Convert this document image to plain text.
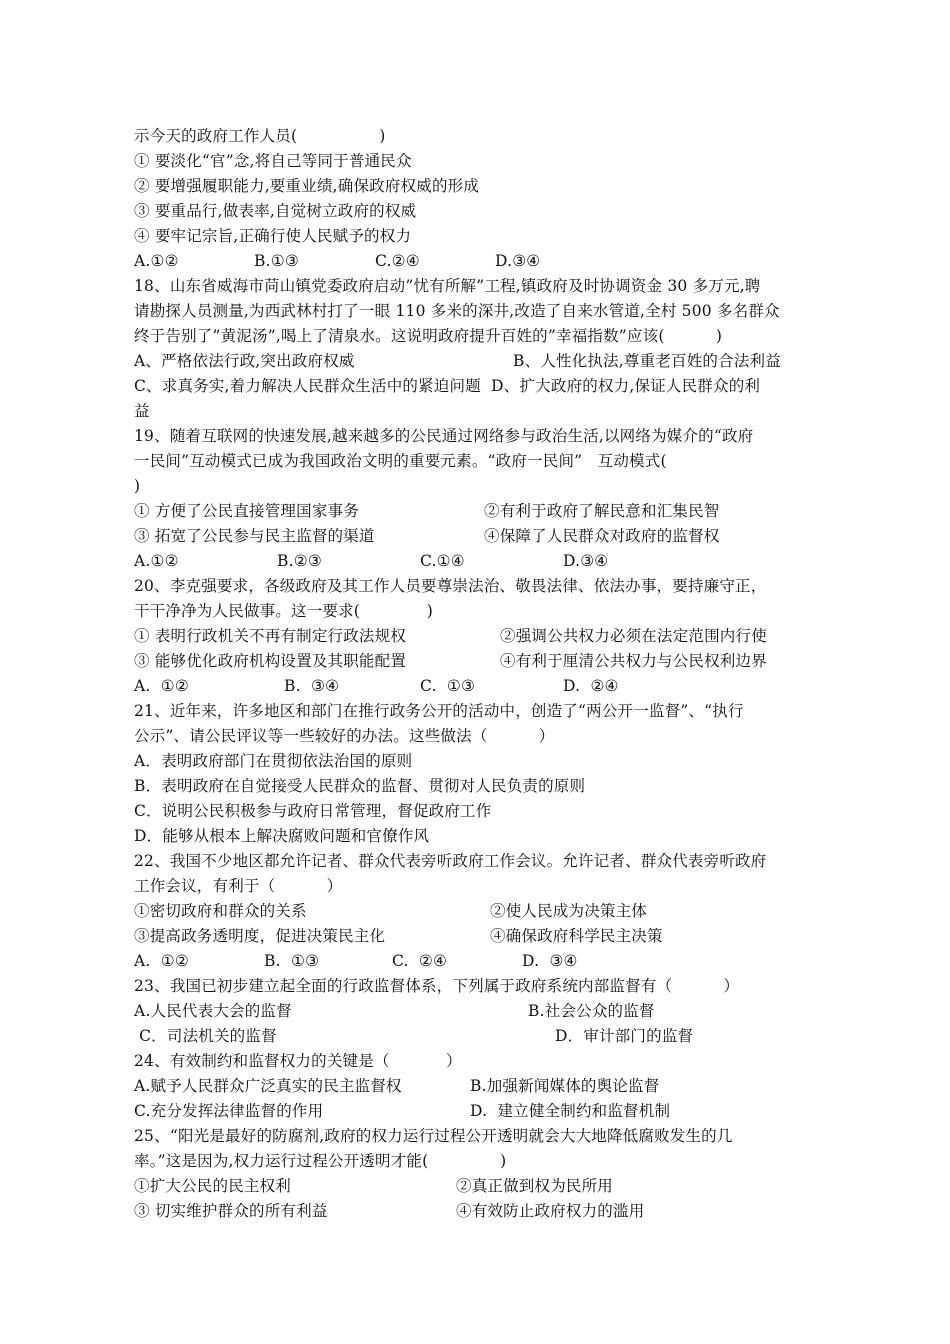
示今天的政府工作人员(                )
① 要淡化“官”念,将自己等同于普通民众
② 要增强履职能力,要重业绩,确保政府权威的形成
③ 要重品行,做表率,自觉树立政府的权威
④ 要牢记宗旨,正确行使人民赋予的权力
A.①②	B.①③	C.②④	D.③④
18、山东省威海市苘山镇党委政府启动”忧有所解”工程,镇政府及时协调资金 30 多万元,聘
请勘探人员测量,为西武林村打了一眼 110 多米的深井,改造了自来水管道,全村 500 多名群众
终于告别了”黄泥汤”,喝上了清泉水。这说明政府提升百姓的”幸福指数”应该(          )
A、严格依法行政,突出政府权威	B、人性化执法,尊重老百姓的合法利益
C、求真务实,着力解决人民群众生活中的紧迫问题  D、扩大政府的权力,保证人民群众的利
益
19、随着互联网的快速发展,越来越多的公民通过网络参与政治生活,以网络为媒介的“政府
一民间”互动模式已成为我国政治文明的重要元素。“政府一民间”   互动模式(
)
① 方便了公民直接管理国家事务	②有利于政府了解民意和汇集民智
③ 拓宽了公民参与民主监督的渠道	④保障了人民群众对政府的监督权
A.①②	B.②③	C.①④	D.③④
20、李克强要求，各级政府及其工作人员要尊崇法治、敬畏法律、依法办事，要持廉守正，
干干净净为人民做事。这一要求(             )
① 表明行政机关不再有制定行政法规权	②强调公共权力必须在法定范围内行使
③ 能够优化政府机构设置及其职能配置	④有利于厘清公共权力与公民权利边界
A.  ①②	B.  ③④	C.  ①③	D.  ②④
21、近年来，许多地区和部门在推行政务公开的活动中，创造了“两公开一监督”、“执行
公示”、请公民评议等一些较好的办法。这些做法（          ）
A．表明政府部门在贯彻依法治国的原则
B．表明政府在自觉接受人民群众的监督、贯彻对人民负责的原则
C．说明公民积极参与政府日常管理，督促政府工作
D．能够从根本上解决腐败问题和官僚作风
22、我国不少地区都允许记者、群众代表旁听政府工作会议。允许记者、群众代表旁听政府
工作会议，有利于（          ）
①密切政府和群众的关系	②使人民成为决策主体
③提高政务透明度，促进决策民主化	④确保政府科学民主决策
A.  ①②	B.  ①③	C.  ②④	D.  ③④
23、我国已初步建立起全面的行政监督体系，下列属于政府系统内部监督有（          ）
A.人民代表大会的监督	B.社会公众的监督
C．司法机关的监督	D．审计部门的监督
24、有效制约和监督权力的关键是（           ）
A.赋予人民群众广泛真实的民主监督权	B.加强新闻媒体的舆论监督
C.充分发挥法律监督的作用	D.  建立健全制约和监督机制
25、“阳光是最好的防腐剂,政府的权力运行过程公开透明就会大大地降低腐败发生的几
率。”这是因为,权力运行过程公开透明才能(              )
①扩大公民的民主权利	②真正做到权为民所用
③ 切实维护群众的所有利益	④有效防止政府权力的滥用
